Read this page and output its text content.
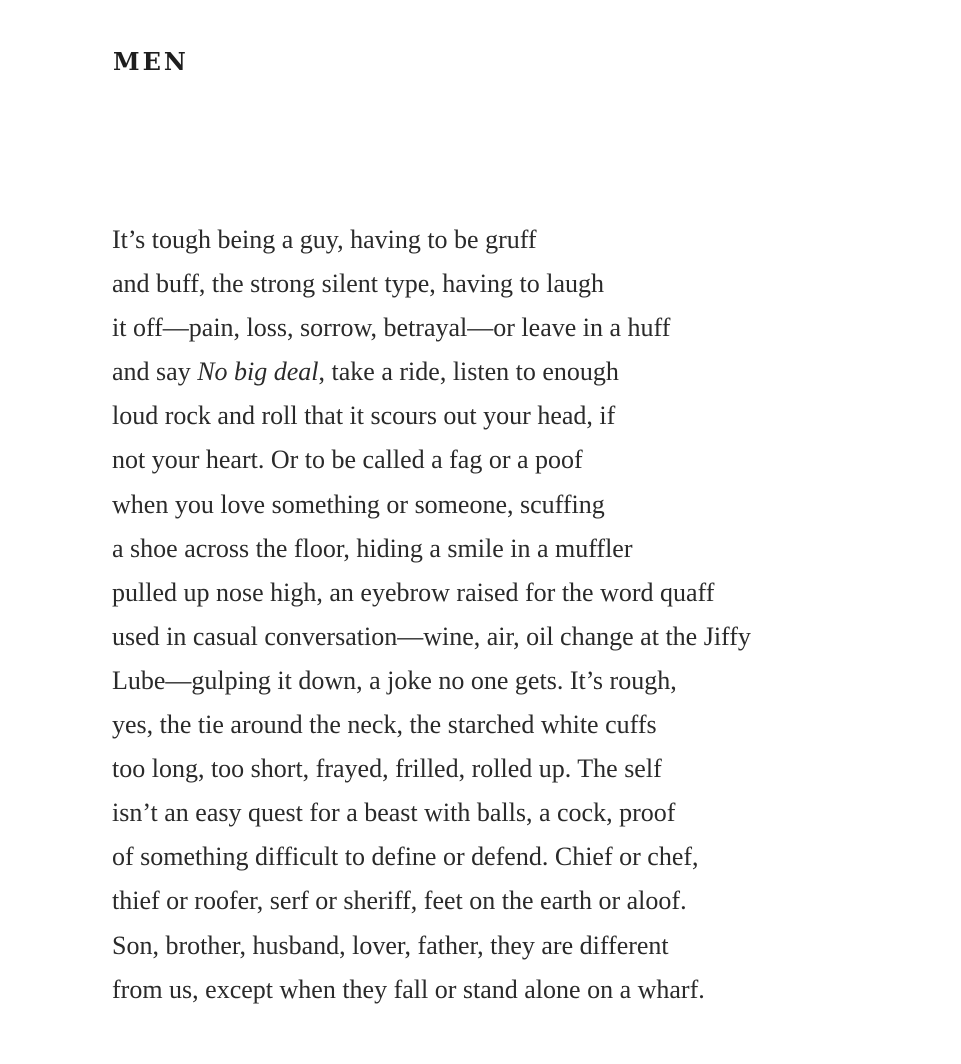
MEN
It’s tough being a guy, having to be gruff
and buff, the strong silent type, having to laugh
it off—pain, loss, sorrow, betrayal—or leave in a huff
and say No big deal, take a ride, listen to enough
loud rock and roll that it scours out your head, if
not your heart. Or to be called a fag or a poof
when you love something or someone, scuffing
a shoe across the floor, hiding a smile in a muffler
pulled up nose high, an eyebrow raised for the word quaff
used in casual conversation—wine, air, oil change at the Jiffy
Lube—gulping it down, a joke no one gets. It’s rough,
yes, the tie around the neck, the starched white cuffs
too long, too short, frayed, frilled, rolled up. The self
isn’t an easy quest for a beast with balls, a cock, proof
of something difficult to define or defend. Chief or chef,
thief or roofer, serf or sheriff, feet on the earth or aloof.
Son, brother, husband, lover, father, they are different
from us, except when they fall or stand alone on a wharf.
